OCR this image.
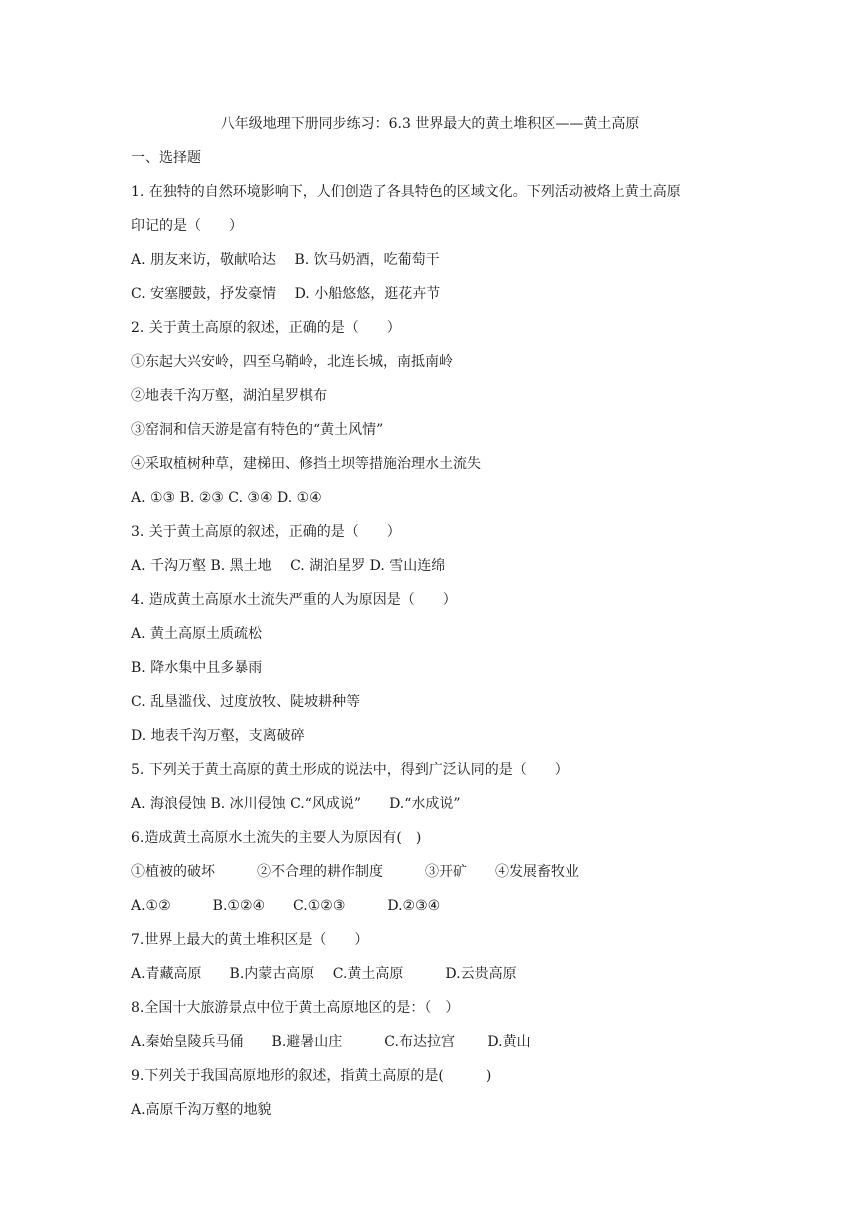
八年级地理下册同步练习：6.3 世界最大的黄土堆积区——黄土高原
一、选择题
1. 在独特的自然环境影响下，人们创造了各具特色的区域文化。下列活动被烙上黄土高原
印记的是（　　）
A. 朋友来访，敬献哈达　 B. 饮马奶酒，吃葡萄干
C. 安塞腰鼓，抒发豪情　 D. 小船悠悠，逛花卉节
2. 关于黄土高原的叙述，正确的是（　　）
①东起大兴安岭，四至乌鞘岭，北连长城，南抵南岭
②地表千沟万壑，湖泊星罗棋布
③窑洞和信天游是富有特色的“黄土风情”
④采取植树种草，建梯田、修挡土坝等措施治理水土流失
A. ①③ B. ②③ C. ③④ D. ①④
3. 关于黄土高原的叙述，正确的是（　　）
A. 千沟万壑 B. 黑土地　 C. 湖泊星罗 D. 雪山连绵
4. 造成黄土高原水土流失严重的人为原因是（　　）
A. 黄土高原土质疏松
B. 降水集中且多暴雨
C. 乱垦滥伐、过度放牧、陡坡耕种等
D. 地表千沟万壑，支离破碎
5. 下列关于黄土高原的黄土形成的说法中，得到广泛认同的是（　　）
A. 海浪侵蚀 B. 冰川侵蚀 C.“风成说”　　D.“水成说”
6.造成黄土高原水土流失的主要人为原因有(　)
①植被的破坏　　　②不合理的耕作制度　　　③开矿　　④发展畜牧业
A.①②　　　B.①②④　　C.①②③　　　D.②③④
7.世界上最大的黄土堆积区是（　　）
A.青藏高原　　B.内蒙古高原　 C.黄土高原　　　D.云贵高原
8.全国十大旅游景点中位于黄土高原地区的是：（　）
A.秦始皇陵兵马俑　　B.避暑山庄　　　C.布达拉宫　　 D.黄山
9.下列关于我国高原地形的叙述，指黄土高原的是(　　　)
A.高原千沟万壑的地貌
